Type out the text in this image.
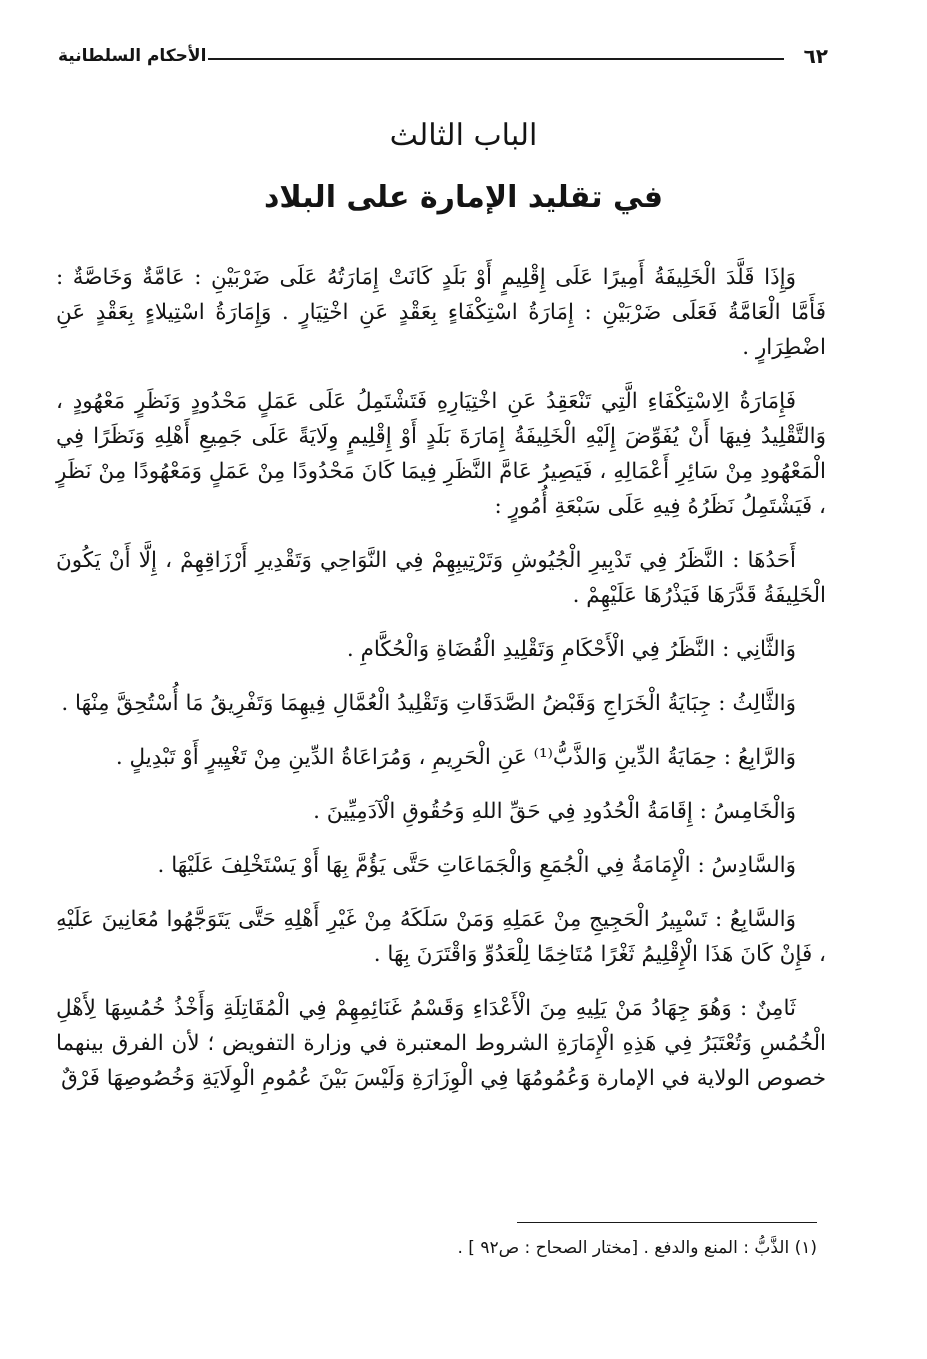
٦٢
الأحكام السلطانية
الباب الثالث
في تقليد الإمارة على البلاد

وَإِذَا قَلَّدَ الْخَلِيفَةُ أَمِيرًا عَلَى إِقْلِيمٍ أَوْ بَلَدٍ كَانَتْ إِمَارَتُهُ عَلَى ضَرْبَيْنِ : عَامَّةٌ وَخَاصَّةٌ : فَأَمَّا الْعَامَّةُ فَعَلَى ضَرْبَيْنِ : إِمَارَةُ اسْتِكْفَاءٍ بِعَقْدٍ عَنِ اخْتِيَارٍ . وَإِمَارَةُ اسْتِيلاءٍ بِعَقْدٍ عَنِ اضْطِرَارٍ .

فَإِمَارَةُ الِاسْتِكْفَاءِ الَّتِي تَنْعَقِدُ عَنِ اخْتِيَارِهِ فَتَشْتَمِلُ عَلَى عَمَلٍ مَحْدُودٍ وَنَظَرٍ مَعْهُودٍ ، وَالتَّقْلِيدُ فِيهَا أَنْ يُفَوِّضَ إِلَيْهِ الْخَلِيفَةُ إِمَارَةَ بَلَدٍ أَوْ إِقْلِيمٍ وِلَايَةً عَلَى جَمِيعِ أَهْلِهِ وَنَظَرًا فِي الْمَعْهُودِ مِنْ سَائِرِ أَعْمَالِهِ ، فَيَصِيرُ عَامَّ النَّظَرِ فِيمَا كَانَ مَحْدُودًا مِنْ عَمَلٍ وَمَعْهُودًا مِنْ نَظَرٍ ، فَيَشْتَمِلُ نَظَرُهُ فِيهِ عَلَى سَبْعَةِ أُمُورٍ :

أَحَدُهَا : النَّظَرُ فِي تَدْبِيرِ الْجُيُوشِ وَتَرْتِيبِهِمْ فِي النَّوَاحِي وَتَقْدِيرِ أَرْزَاقِهِمْ ، إِلَّا أَنْ يَكُونَ الْخَلِيفَةُ قَدَّرَهَا فَيَذْرُهَا عَلَيْهِمْ .

وَالثَّانِي : النَّظَرُ فِي الْأَحْكَامِ وَتَقْلِيدِ الْقُضَاةِ وَالْحُكَّامِ .

وَالثَّالِثُ : جِبَايَةُ الْخَرَاجِ وَقَبْضُ الصَّدَقَاتِ وَتَقْلِيدُ الْعُمَّالِ فِيهِمَا وَتَفْرِيقُ مَا أُسْتُحِقَّ مِنْهَا .

وَالرَّابِعُ : حِمَايَةُ الدِّينِ وَالذَّبُّ⁽¹⁾ عَنِ الْحَرِيمِ ، وَمُرَاعَاةُ الدِّينِ مِنْ تَغْيِيرٍ أَوْ تَبْدِيلٍ .

وَالْخَامِسُ : إِقَامَةُ الْحُدُودِ فِي حَقِّ اللهِ وَحُقُوقِ الْآدَمِيِّينَ .

وَالسَّادِسُ : الْإِمَامَةُ فِي الْجُمَعِ وَالْجَمَاعَاتِ حَتَّى يَؤُمَّ بِهَا أَوْ يَسْتَخْلِفَ عَلَيْهَا .

وَالسَّابِعُ : تَسْيِيرُ الْحَجِيجِ مِنْ عَمَلِهِ وَمَنْ سَلَكَهُ مِنْ غَيْرِ أَهْلِهِ حَتَّى يَتَوَجَّهُوا مُعَانِينَ عَلَيْهِ ، فَإِنْ كَانَ هَذَا الْإِقْلِيمُ ثَغْرًا مُتَاخِمًا لِلْعَدُوِّ وَاقْتَرَنَ بِهَا .

ثَامِنٌ : وَهُوَ جِهَادُ مَنْ يَلِيهِ مِنَ الْأَعْدَاءِ وَقَسْمُ غَنَائِمِهِمْ فِي الْمُقَاتِلَةِ وَأَخْذُ خُمُسِهَا لِأَهْلِ الْخُمُسِ وَتُعْتَبَرُ فِي هَذِهِ الْإِمَارَةِ الشروط المعتبرة في وزارة التفويض ؛ لأن الفرق بينهما خصوص الولاية في الإمارة وَعُمُومُهَا فِي الْوِزَارَةِ وَلَيْسَ بَيْنَ عُمُومِ الْوِلَايَةِ وَخُصُوصِهَا فَرْقٌ

(١) الذَّبُّ : المنع والدفع . [مختار الصحاح : ص٩٢ ] .
